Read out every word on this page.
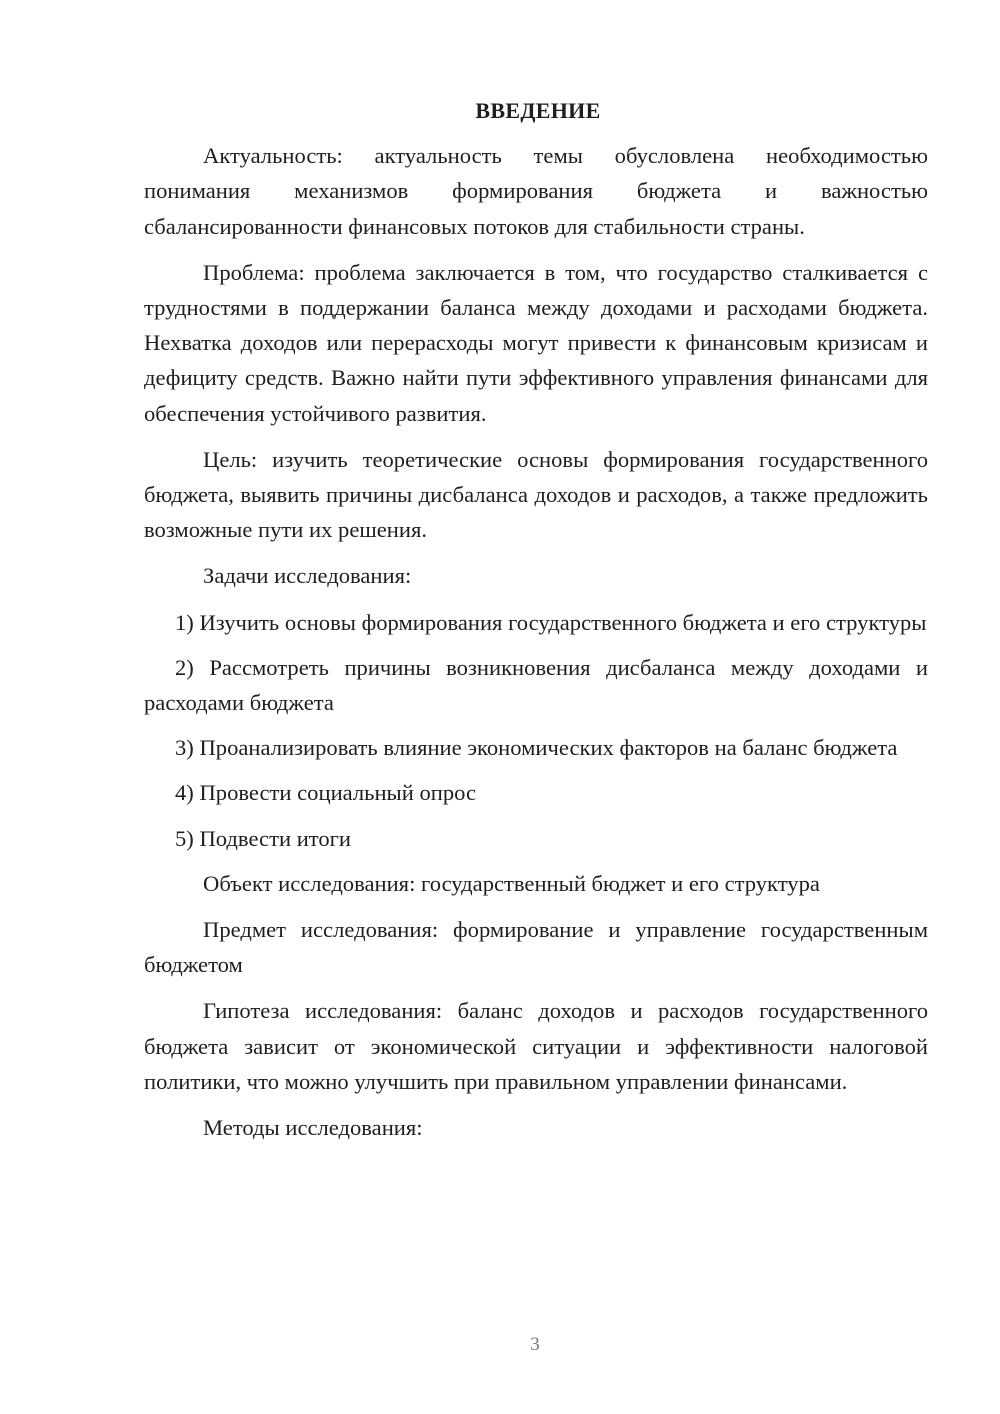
ВВЕДЕНИЕ

Актуальность: актуальность темы обусловлена необходимостью понимания механизмов формирования бюджета и важностью сбалансированности финансовых потоков для стабильности страны.

Проблема: проблема заключается в том, что государство сталкивается с трудностями в поддержании баланса между доходами и расходами бюджета. Нехватка доходов или перерасходы могут привести к финансовым кризисам и дефициту средств. Важно найти пути эффективного управления финансами для обеспечения устойчивого развития.

Цель: изучить теоретические основы формирования государственного бюджета, выявить причины дисбаланса доходов и расходов, а также предложить возможные пути их решения.

Задачи исследования:

1) Изучить основы формирования государственного бюджета и его структуры

2) Рассмотреть причины возникновения дисбаланса между доходами и расходами бюджета

3) Проанализировать влияние экономических факторов на баланс бюджета

4) Провести социальный опрос

5) Подвести итоги

Объект исследования: государственный бюджет и его структура

Предмет исследования: формирование и управление государственным бюджетом

Гипотеза исследования: баланс доходов и расходов государственного бюджета зависит от экономической ситуации и эффективности налоговой политики, что можно улучшить при правильном управлении финансами.

Методы исследования:

3
